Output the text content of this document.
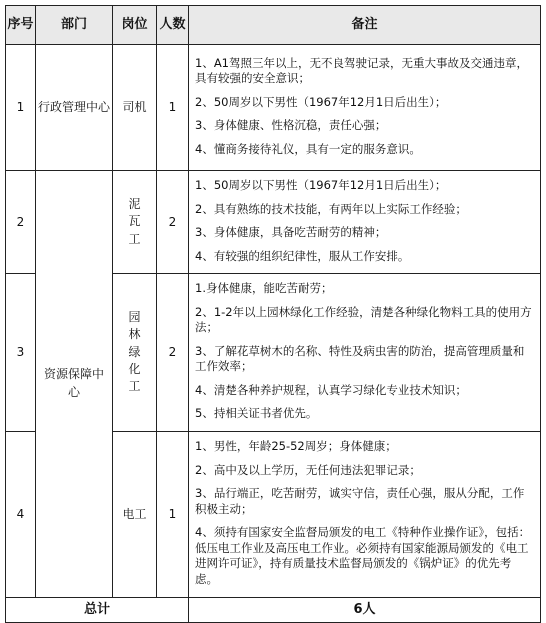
序号	部门	岗位	人数	备注
1	行政管理中心	司机	1	1、A1驾照三年以上，无不良驾驶记录，无重大事故及交通违章，具有较强的安全意识；

2、50周岁以下男性（1967年12月1日后出生）；

3、身体健康、性格沉稳，责任心强；

4、懂商务接待礼仪，具有一定的服务意识。

2	资源保障中心	泥瓦工	2	1、50周岁以下男性（1967年12月1日后出生）；

2、具有熟练的技术技能，有两年以上实际工作经验；

3、身体健康，具备吃苦耐劳的精神；

4、有较强的组织纪律性，服从工作安排。

3		园林绿化工	2	1.身体健康，能吃苦耐劳；

2、1-2年以上园林绿化工作经验，清楚各种绿化物料工具的使用方法；

3、了解花草树木的名称、特性及病虫害的防治，提高管理质量和工作效率；

4、清楚各种养护规程，认真学习绿化专业技术知识；

5、持相关证书者优先。

4		电工	1	1、男性，年龄25-52周岁；身体健康；

2、高中及以上学历，无任何违法犯罪记录；

3、品行端正，吃苦耐劳，诚实守信，责任心强，服从分配，工作积极主动；

4、须持有国家安全监督局颁发的电工《特种作业操作证》，包括：低压电工作业及高压电工作业。必须持有国家能源局颁发的《电工进网许可证》，持有质量技术监督局颁发的《锅炉证》的优先考虑。

总计				6人
